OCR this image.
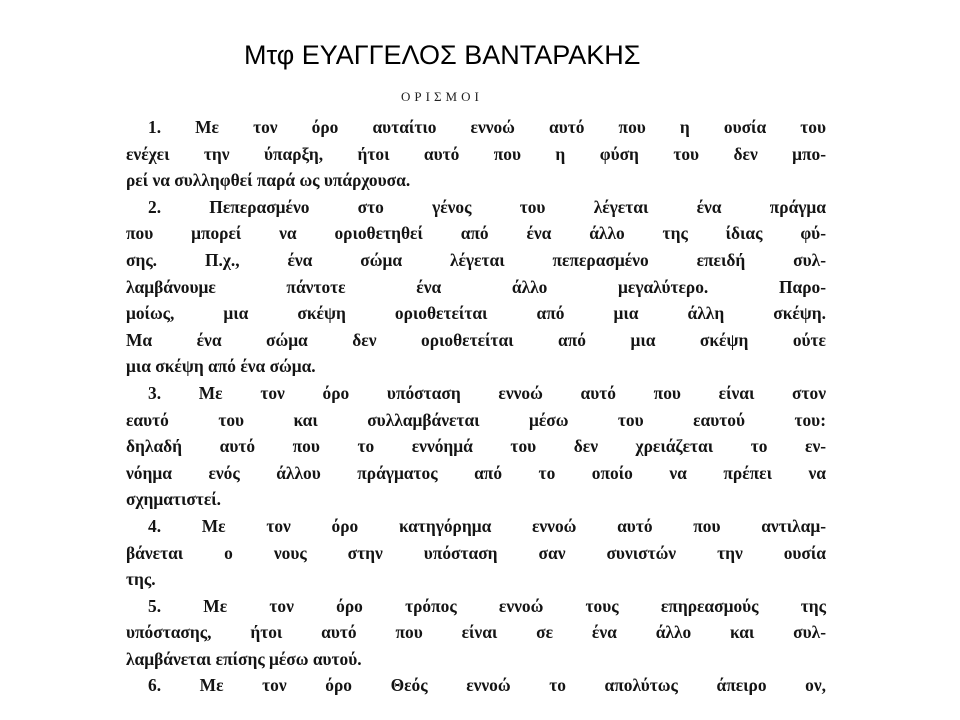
Μτφ ΕΥΑΓΓΕΛΟΣ ΒΑΝΤΑΡΑΚΗΣ
ΟΡΙΣΜΟΙ
1. Με τον όρο αυταίτιο εννοώ αυτό που η ουσία του
ενέχει την ύπαρξη, ήτοι αυτό που η φύση του δεν μπο-
ρεί να συλληφθεί παρά ως υπάρχουσα.
2. Πεπερασμένο στο γένος του λέγεται ένα πράγμα
που μπορεί να οριοθετηθεί από ένα άλλο της ίδιας φύ-
σης. Π.χ., ένα σώμα λέγεται πεπερασμένο επειδή συλ-
λαμβάνουμε πάντοτε ένα άλλο μεγαλύτερο. Παρο-
μοίως, μια σκέψη οριοθετείται από μια άλλη σκέψη.
Μα ένα σώμα δεν οριοθετείται από μια σκέψη ούτε
μια σκέψη από ένα σώμα.
3. Με τον όρο υπόσταση εννοώ αυτό που είναι στον
εαυτό του και συλλαμβάνεται μέσω του εαυτού του:
δηλαδή αυτό που το εννόημά του δεν χρειάζεται το εν-
νόημα ενός άλλου πράγματος από το οποίο να πρέπει να
σχηματιστεί.
4. Με τον όρο κατηγόρημα εννοώ αυτό που αντιλαμ-
βάνεται ο νους στην υπόσταση σαν συνιστών την ουσία
της.
5. Με τον όρο τρόπος εννοώ τους επηρεασμούς της
υπόστασης, ήτοι αυτό που είναι σε ένα άλλο και συλ-
λαμβάνεται επίσης μέσω αυτού.
6. Με τον όρο Θεός εννοώ το απολύτως άπειρο ον,
